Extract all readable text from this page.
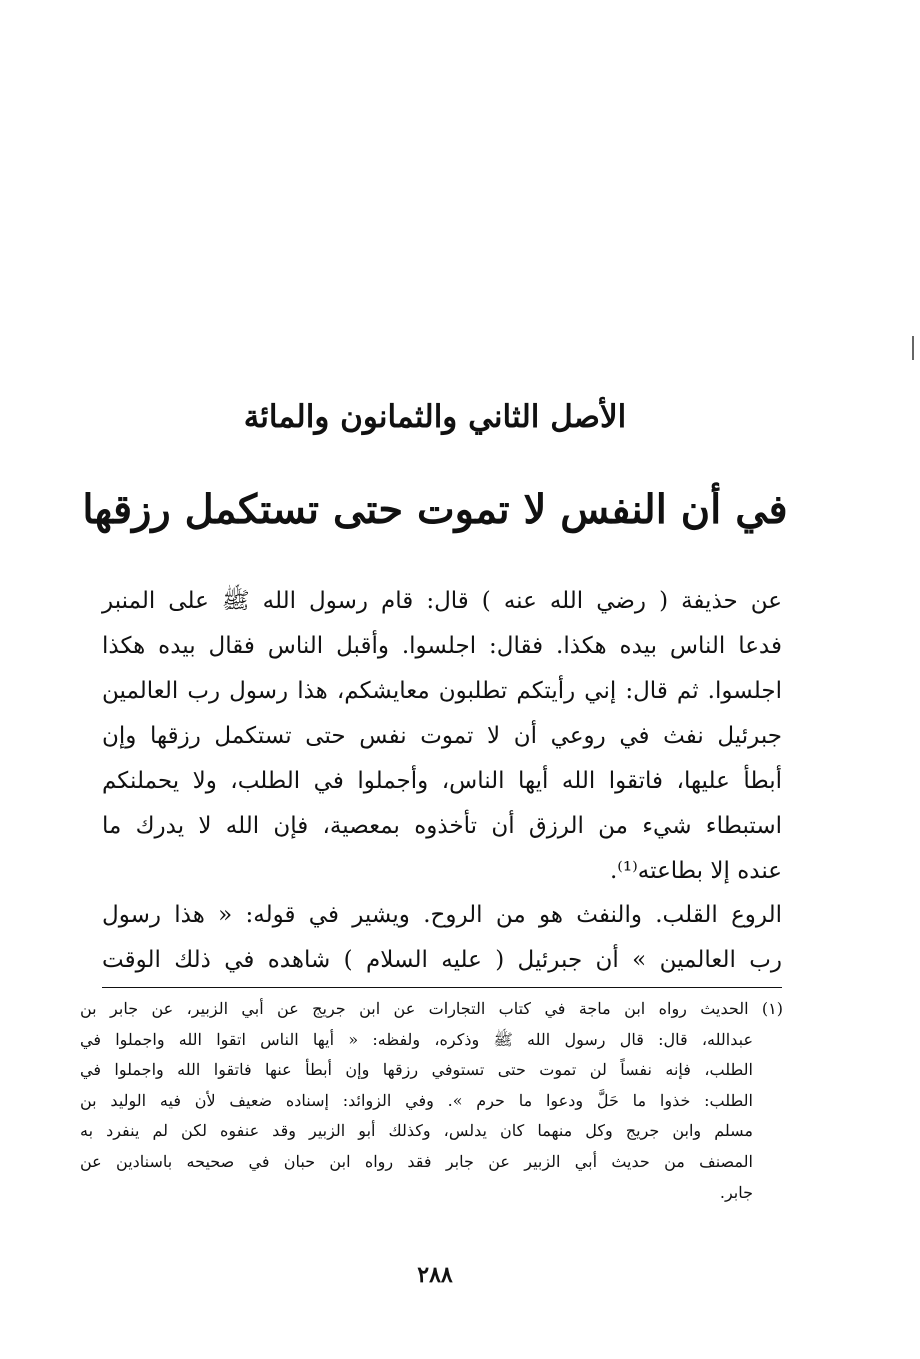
الأصل الثاني والثمانون والمائة
في أن النفس لا تموت حتى تستكمل رزقها
عن حذيفة ( رضي الله عنه ) قال: قام رسول الله ﷺ على المنبر
فدعا الناس بيده هكذا. فقال: اجلسوا. وأقبل الناس فقال بيده هكذا
اجلسوا. ثم قال: إني رأيتكم تطلبون معايشكم، هذا رسول رب العالمين
جبرئيل نفث في روعي أن لا تموت نفس حتى تستكمل رزقها وإن
أبطأ عليها، فاتقوا الله أيها الناس، وأجملوا في الطلب، ولا يحملنكم
استبطاء شيء من الرزق أن تأخذوه بمعصية، فإن الله لا يدرك ما
عنده إلا بطاعته⁽¹⁾.
الروع القلب. والنفث هو من الروح. ويشير في قوله: « هذا رسول
رب العالمين » أن جبرئيل ( عليه السلام ) شاهده في ذلك الوقت
(١) الحديث رواه ابن ماجة في كتاب التجارات عن ابن جريج عن أبي الزبير، عن جابر بن
عبدالله، قال: قال رسول الله ﷺ وذكره، ولفظه: « أيها الناس اتقوا الله واجملوا في
الطلب، فإنه نفساً لن تموت حتى تستوفي رزقها وإن أبطأ عنها فاتقوا الله واجملوا في
الطلب: خذوا ما حَلَّ ودعوا ما حرم ». وفي الزوائد: إسناده ضعيف لأن فيه الوليد بن
مسلم وابن جريج وكل منهما كان يدلس، وكذلك أبو الزبير وقد عنفوه لكن لم ينفرد به
المصنف من حديث أبي الزبير عن جابر فقد رواه ابن حبان في صحيحه باسنادين عن
جابر.
٢٨٨
